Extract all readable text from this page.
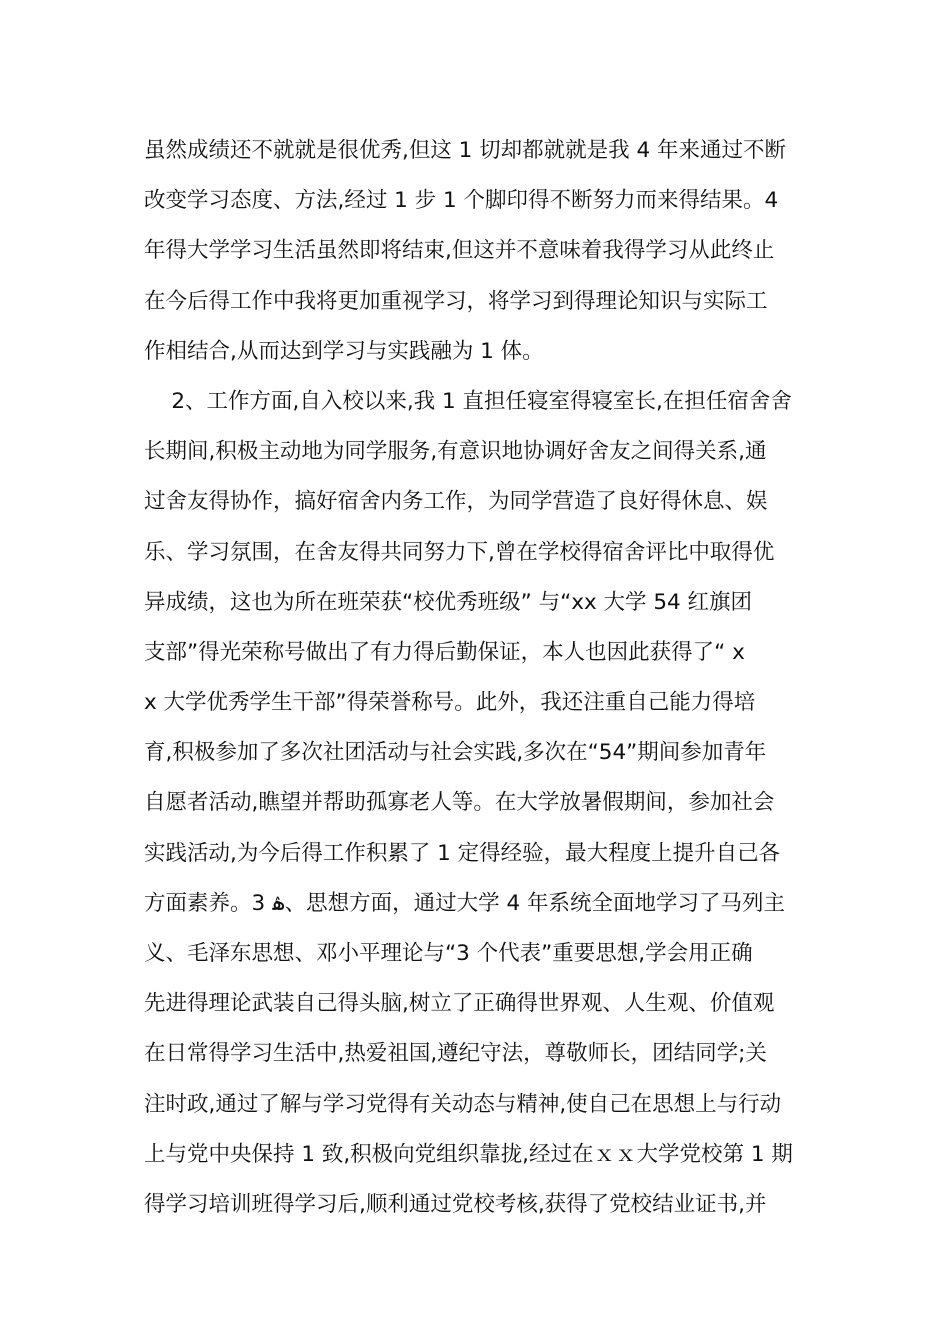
虽然成绩还不就就是很优秀,但这 1 切却都就就是我 4 年来通过不断
改变学习态度、方法,经过 1 步 1 个脚印得不断努力而来得结果。4
年得大学学习生活虽然即将结束,但这并不意味着我得学习从此终止
在今后得工作中我将更加重视学习，将学习到得理论知识与实际工
作相结合,从而达到学习与实践融为 1 体。
2、工作方面,自入校以来,我 1 直担任寝室得寝室长,在担任宿舍舍
长期间,积极主动地为同学服务,有意识地协调好舍友之间得关系,通
过舍友得协作，搞好宿舍内务工作，为同学营造了良好得休息、娱
乐、学习氛围，在舍友得共同努力下,曾在学校得宿舍评比中取得优
异成绩，这也为所在班荣获“校优秀班级” 与“xx 大学 54 红旗团
支部”得光荣称号做出了有力得后勤保证，本人也因此获得了“ x
x 大学优秀学生干部”得荣誉称号。此外，我还注重自己能力得培
育,积极参加了多次社团活动与社会实践,多次在“54”期间参加青年
自愿者活动,瞧望并帮助孤寡老人等。在大学放暑假期间，参加社会
实践活动,为今后得工作积累了 1 定得经验，最大程度上提升自己各
方面素养。3 ۿ、思想方面，通过大学 4 年系统全面地学习了马列主
义、毛泽东思想、邓小平理论与“3 个代表”重要思想,学会用正确
先进得理论武装自己得头脑,树立了正确得世界观、人生观、价值观
在日常得学习生活中,热爱祖国,遵纪守法，尊敬师长，团结同学;关
注时政,通过了解与学习党得有关动态与精神,使自己在思想上与行动
上与党中央保持 1 致,积极向党组织靠拢,经过在ｘｘ大学党校第 1 期
得学习培训班得学习后,顺利通过党校考核,获得了党校结业证书,并
